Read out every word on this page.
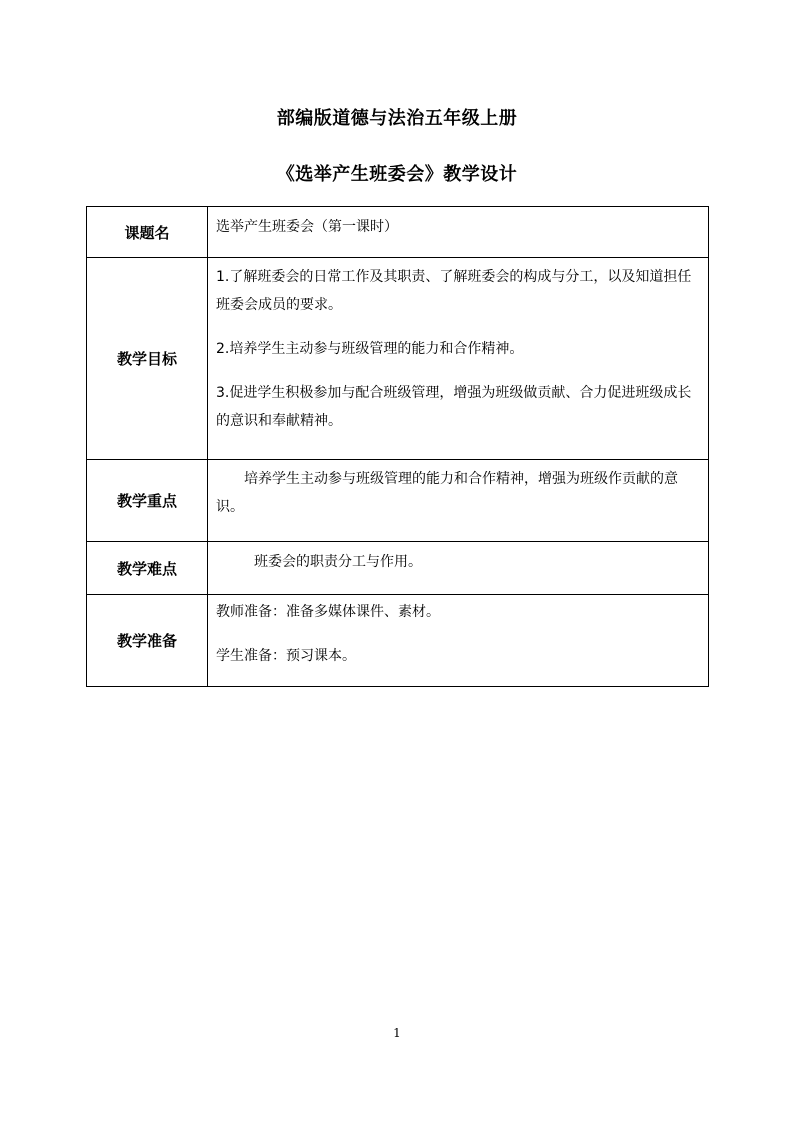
部编版道德与法治五年级上册
《选举产生班委会》教学设计
课题名	选举产生班委会（第一课时）

教学目标	1.了解班委会的日常工作及其职责、了解班委会的构成与分工，以及知道担任班委会成员的要求。

2.培养学生主动参与班级管理的能力和合作精神。

3.促进学生积极参加与配合班级管理，增强为班级做贡献、合力促进班级成长的意识和奉献精神。

教学重点	培养学生主动参与班级管理的能力和合作精神，增强为班级作贡献的意识。

教学难点	班委会的职责分工与作用。

教学准备	教师准备：准备多媒体课件、素材。

学生准备：预习课本。

1
